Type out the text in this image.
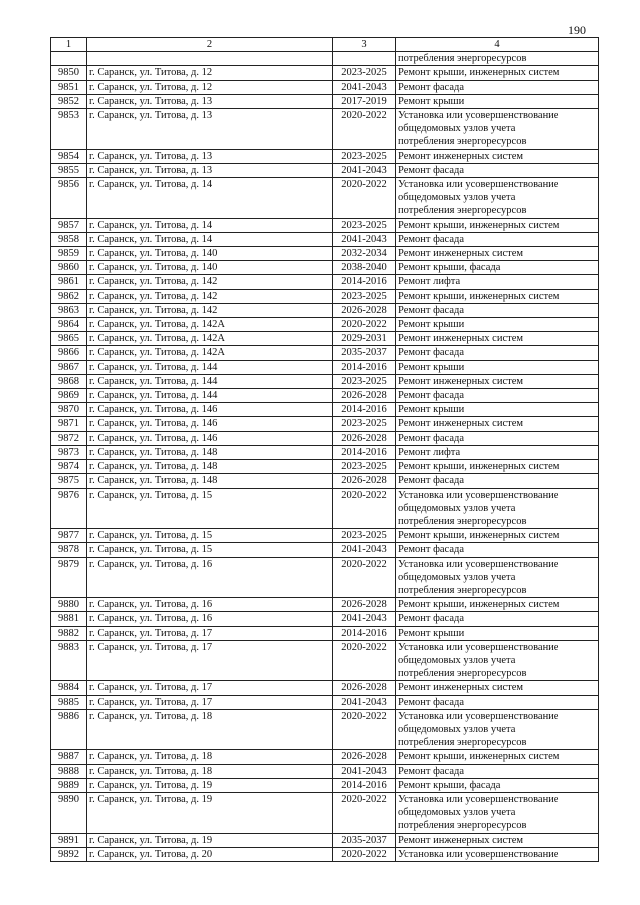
190
1	2	3	4
			потребления энергоресурсов
9850	г. Саранск, ул. Титова, д. 12	2023-2025	Ремонт крыши, инженерных систем
9851	г. Саранск, ул. Титова, д. 12	2041-2043	Ремонт фасада
9852	г. Саранск, ул. Титова, д. 13	2017-2019	Ремонт крыши
9853	г. Саранск, ул. Титова, д. 13	2020-2022	Установка или усовершенствование
общедомовых узлов учета
потребления энергоресурсов
9854	г. Саранск, ул. Титова, д. 13	2023-2025	Ремонт инженерных систем
9855	г. Саранск, ул. Титова, д. 13	2041-2043	Ремонт фасада
9856	г. Саранск, ул. Титова, д. 14	2020-2022	Установка или усовершенствование
общедомовых узлов учета
потребления энергоресурсов
9857	г. Саранск, ул. Титова, д. 14	2023-2025	Ремонт крыши, инженерных систем
9858	г. Саранск, ул. Титова, д. 14	2041-2043	Ремонт фасада
9859	г. Саранск, ул. Титова, д. 140	2032-2034	Ремонт инженерных систем
9860	г. Саранск, ул. Титова, д. 140	2038-2040	Ремонт крыши, фасада
9861	г. Саранск, ул. Титова, д. 142	2014-2016	Ремонт лифта
9862	г. Саранск, ул. Титова, д. 142	2023-2025	Ремонт крыши, инженерных систем
9863	г. Саранск, ул. Титова, д. 142	2026-2028	Ремонт фасада
9864	г. Саранск, ул. Титова, д. 142А	2020-2022	Ремонт крыши
9865	г. Саранск, ул. Титова, д. 142А	2029-2031	Ремонт инженерных систем
9866	г. Саранск, ул. Титова, д. 142А	2035-2037	Ремонт фасада
9867	г. Саранск, ул. Титова, д. 144	2014-2016	Ремонт крыши
9868	г. Саранск, ул. Титова, д. 144	2023-2025	Ремонт инженерных систем
9869	г. Саранск, ул. Титова, д. 144	2026-2028	Ремонт фасада
9870	г. Саранск, ул. Титова, д. 146	2014-2016	Ремонт крыши
9871	г. Саранск, ул. Титова, д. 146	2023-2025	Ремонт инженерных систем
9872	г. Саранск, ул. Титова, д. 146	2026-2028	Ремонт фасада
9873	г. Саранск, ул. Титова, д. 148	2014-2016	Ремонт лифта
9874	г. Саранск, ул. Титова, д. 148	2023-2025	Ремонт крыши, инженерных систем
9875	г. Саранск, ул. Титова, д. 148	2026-2028	Ремонт фасада
9876	г. Саранск, ул. Титова, д. 15	2020-2022	Установка или усовершенствование
общедомовых узлов учета
потребления энергоресурсов
9877	г. Саранск, ул. Титова, д. 15	2023-2025	Ремонт крыши, инженерных систем
9878	г. Саранск, ул. Титова, д. 15	2041-2043	Ремонт фасада
9879	г. Саранск, ул. Титова, д. 16	2020-2022	Установка или усовершенствование
общедомовых узлов учета
потребления энергоресурсов
9880	г. Саранск, ул. Титова, д. 16	2026-2028	Ремонт крыши, инженерных систем
9881	г. Саранск, ул. Титова, д. 16	2041-2043	Ремонт фасада
9882	г. Саранск, ул. Титова, д. 17	2014-2016	Ремонт крыши
9883	г. Саранск, ул. Титова, д. 17	2020-2022	Установка или усовершенствование
общедомовых узлов учета
потребления энергоресурсов
9884	г. Саранск, ул. Титова, д. 17	2026-2028	Ремонт инженерных систем
9885	г. Саранск, ул. Титова, д. 17	2041-2043	Ремонт фасада
9886	г. Саранск, ул. Титова, д. 18	2020-2022	Установка или усовершенствование
общедомовых узлов учета
потребления энергоресурсов
9887	г. Саранск, ул. Титова, д. 18	2026-2028	Ремонт крыши, инженерных систем
9888	г. Саранск, ул. Титова, д. 18	2041-2043	Ремонт фасада
9889	г. Саранск, ул. Титова, д. 19	2014-2016	Ремонт крыши, фасада
9890	г. Саранск, ул. Титова, д. 19	2020-2022	Установка или усовершенствование
общедомовых узлов учета
потребления энергоресурсов
9891	г. Саранск, ул. Титова, д. 19	2035-2037	Ремонт инженерных систем
9892	г. Саранск, ул. Титова, д. 20	2020-2022	Установка или усовершенствование
